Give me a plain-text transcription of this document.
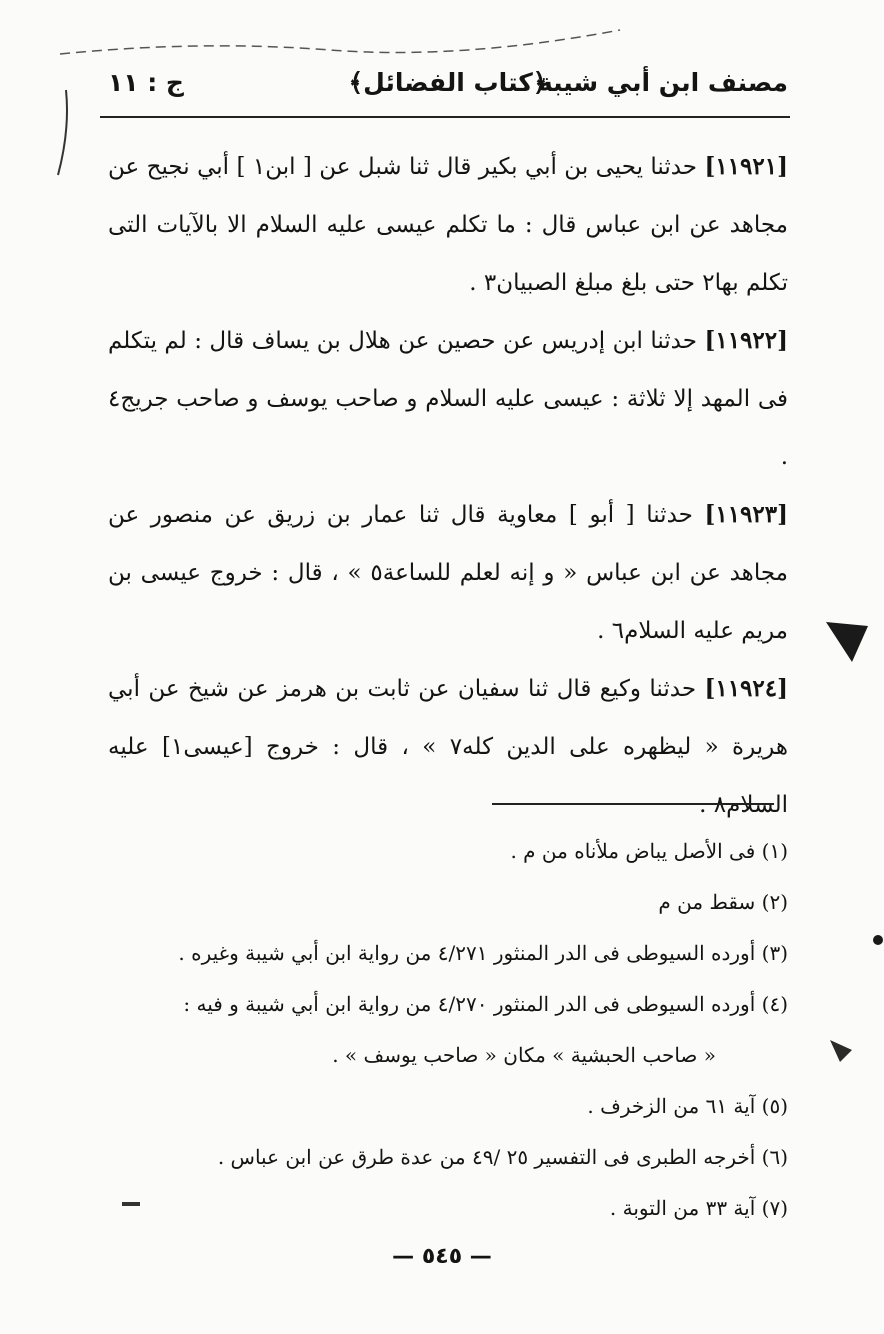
مصنف ابن أبي شيبة
﴿كتاب الفضائل﴾
ج : ١١

[١١٩٢١] حدثنا يحيى بن أبي بكير قال ثنا شبل عن [ ابن١ ] أبي نجيح عن مجاهد عن ابن عباس قال : ما تكلم عيسى عليه السلام الا بالآيات التى تكلم بها٢ حتى بلغ مبلغ الصبيان٣ .

[١١٩٢٢] حدثنا ابن إدريس عن حصين عن هلال بن يساف قال : لم يتكلم فى المهد إلا ثلاثة : عيسى عليه السلام و صاحب يوسف و صاحب جريج٤ .

[١١٩٢٣] حدثنا [ أبو ] معاوية قال ثنا عمار بن زريق عن منصور عن مجاهد عن ابن عباس « و إنه لعلم للساعة٥ » ، قال : خروج عيسى بن مريم عليه السلام٦ .

[١١٩٢٤] حدثنا وكيع قال ثنا سفيان عن ثابت بن هرمز عن شيخ عن أبي هريرة « ليظهره على الدين كله٧ » ، قال : خروج [عيسى١] عليه السلام٨ .

(١) فى الأصل يباض ملأناه من م .

(٢) سقط من م

(٣) أورده السيوطى فى الدر المنثور ٤/٢٧١ من رواية ابن أبي شيبة وغيره .

(٤) أورده السيوطى فى الدر المنثور ٤/٢٧٠ من رواية ابن أبي شيبة و فيه :

« صاحب الحبشية » مكان « صاحب يوسف » .

(٥) آية ٦١ من الزخرف .

(٦) أخرجه الطبرى فى التفسير ٢٥ /٤٩ من عدة طرق عن ابن عباس .

(٧) آية ٣٣ من التوبة .

— ٥٤٥ —
